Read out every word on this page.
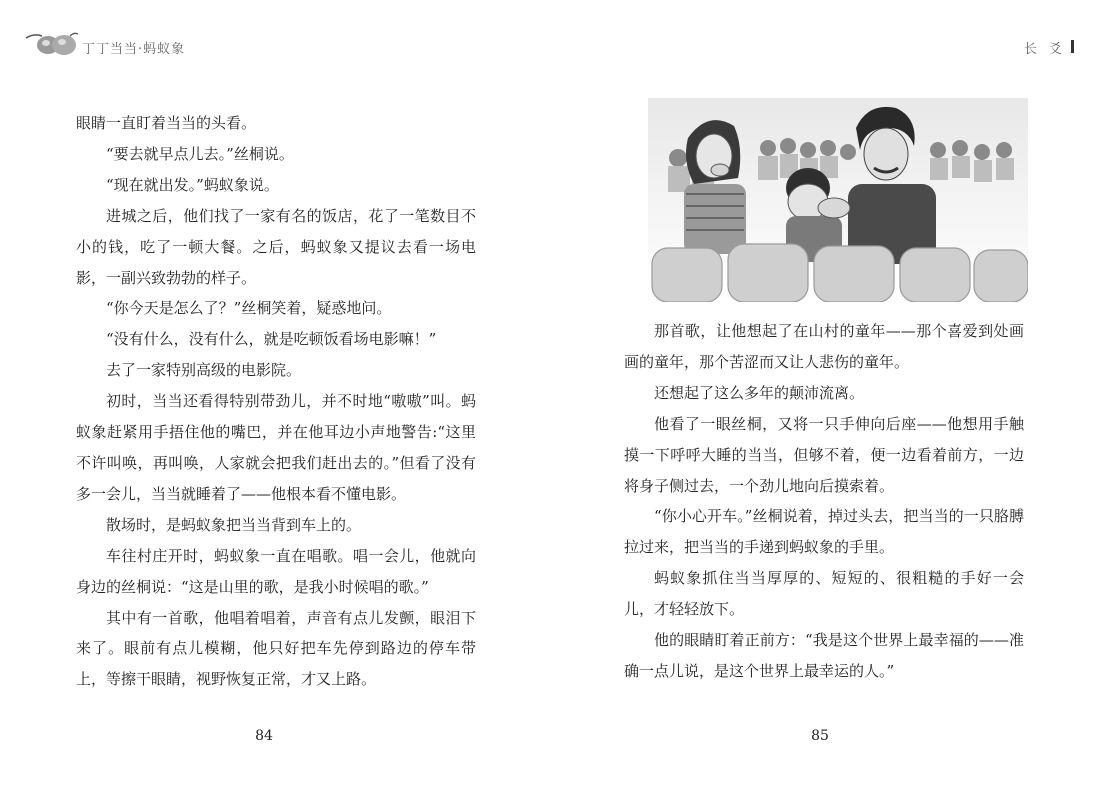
丁丁当当·蚂蚁象

眼睛一直盯着当当的头看。

“要去就早点儿去。”丝桐说。

“现在就出发。”蚂蚁象说。

进城之后，他们找了一家有名的饭店，花了一笔数目不小的钱，吃了一顿大餐。之后，蚂蚁象又提议去看一场电影，一副兴致勃勃的样子。

“你今天是怎么了？”丝桐笑着，疑惑地问。

“没有什么，没有什么，就是吃顿饭看场电影嘛！”

去了一家特别高级的电影院。

初时，当当还看得特别带劲儿，并不时地“嗷嗷”叫。蚂蚁象赶紧用手捂住他的嘴巴，并在他耳边小声地警告:“这里不许叫唤，再叫唤，人家就会把我们赶出去的。”但看了没有多一会儿，当当就睡着了——他根本看不懂电影。

散场时，是蚂蚁象把当当背到车上的。

车往村庄开时，蚂蚁象一直在唱歌。唱一会儿，他就向身边的丝桐说：“这是山里的歌，是我小时候唱的歌。”

其中有一首歌，他唱着唱着，声音有点儿发颤，眼泪下来了。眼前有点儿模糊，他只好把车先停到路边的停车带上，等擦干眼睛，视野恢复正常，才又上路。

84
长 爻

那首歌，让他想起了在山村的童年——那个喜爱到处画画的童年，那个苦涩而又让人悲伤的童年。

还想起了这么多年的颠沛流离。

他看了一眼丝桐，又将一只手伸向后座——他想用手触摸一下呼呼大睡的当当，但够不着，便一边看着前方，一边将身子侧过去，一个劲儿地向后摸索着。

“你小心开车。”丝桐说着，掉过头去，把当当的一只胳膊拉过来，把当当的手递到蚂蚁象的手里。

蚂蚁象抓住当当厚厚的、短短的、很粗糙的手好一会儿，才轻轻放下。

他的眼睛盯着正前方：“我是这个世界上最幸福的——准确一点儿说，是这个世界上最幸运的人。”

85
